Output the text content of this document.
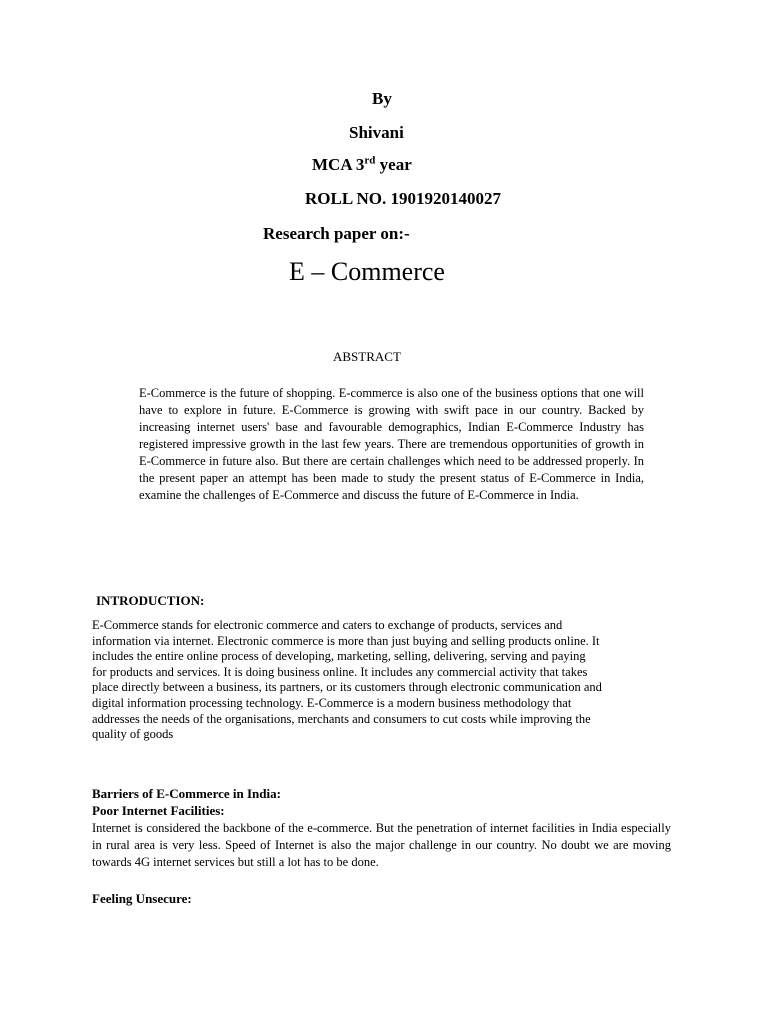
By
Shivani
MCA 3rd year
ROLL NO. 1901920140027
Research paper on:-
E – Commerce
ABSTRACT
E-Commerce is the future of shopping. E-commerce is also one of the business options that one will have to explore in future. E-Commerce is growing with swift pace in our country. Backed by increasing internet users' base and favourable demographics, Indian E-Commerce Industry has registered impressive growth in the last few years. There are tremendous opportunities of growth in E-Commerce in future also. But there are certain challenges which need to be addressed properly. In the present paper an attempt has been made to study the present status of E-Commerce in India, examine the challenges of E-Commerce and discuss the future of E-Commerce in India.
INTRODUCTION:
E-Commerce stands for electronic commerce and caters to exchange of products, services and
information via internet. Electronic commerce is more than just buying and selling products online. It
includes the entire online process of developing, marketing, selling, delivering, serving and paying
for products and services. It is doing business online. It includes any commercial activity that takes
place directly between a business, its partners, or its customers through electronic communication and
digital information processing technology. E-Commerce is a modern business methodology that
addresses the needs of the organisations, merchants and consumers to cut costs while improving the
quality of goods
Barriers of E-Commerce in India:
Poor Internet Facilities:
Internet is considered the backbone of the e-commerce. But the penetration of internet facilities in India especially in rural area is very less. Speed of Internet is also the major challenge in our country. No doubt we are moving towards 4G internet services but still a lot has to be done.
Feeling Unsecure:
